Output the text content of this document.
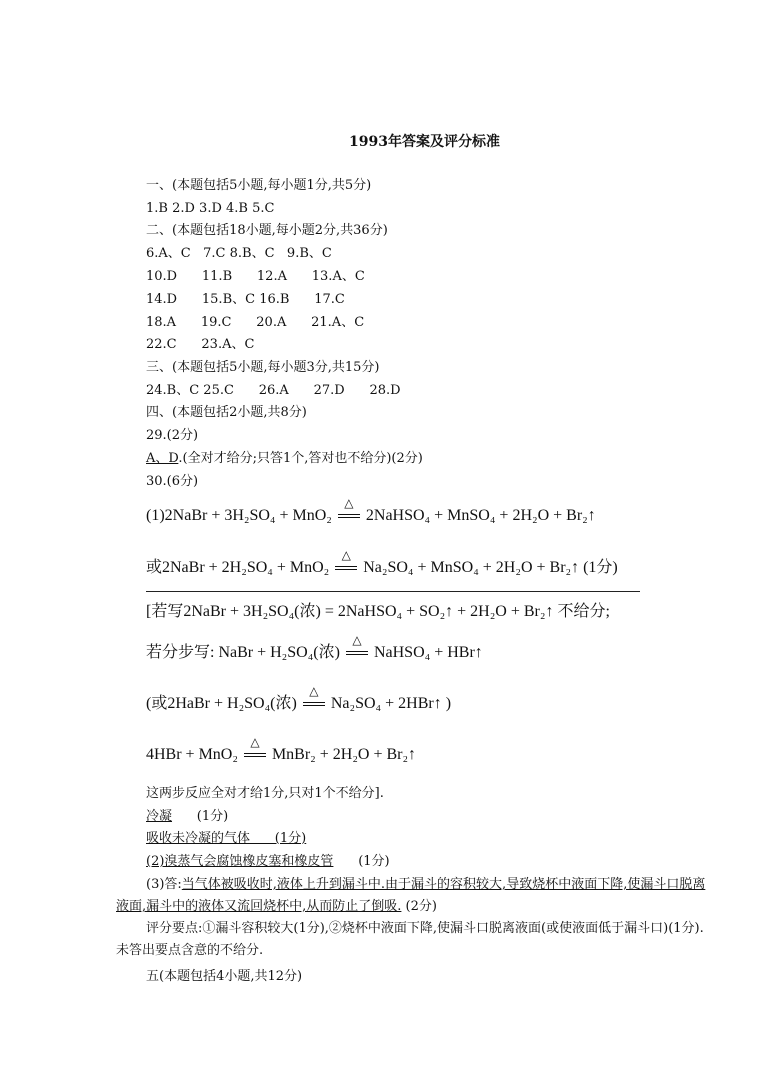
1993年答案及评分标准
一、(本题包括5小题,每小题1分,共5分)
1.B 2.D 3.D 4.B 5.C
二、(本题包括18小题,每小题2分,共36分)
6.A、C   7.C 8.B、C   9.B、C
10.D      11.B      12.A      13.A、C
14.D      15.B、C 16.B      17.C
18.A      19.C      20.A      21.A、C
22.C      23.A、C
三、(本题包括5小题,每小题3分,共15分)
24.B、C 25.C      26.A      27.D      28.D
四、(本题包括2小题,共8分)
29.(2分)
A、D.(全对才给分;只答1个,答对也不给分)(2分)
30.(6分)
(1)2NaBr + 3H₂SO₄ + MnO₂
△
2NaHSO₄ + MnSO₄ + 2H₂O + Br₂↑
或2NaBr + 2H₂SO₄ + MnO₂
△
Na₂SO₄ + MnSO₄ + 2H₂O + Br₂↑ (1分)
[若写2NaBr + 3H₂SO₄(浓) = 2NaHSO₄ + SO₂↑ + 2H₂O + Br₂↑ 不给分;
若分步写: NaBr + H₂SO₄(浓)
△
NaHSO₄ + HBr↑
(或2HaBr + H₂SO₄(浓)
△
Na₂SO₄ + 2HBr↑ )
4HBr + MnO₂
△
MnBr₂ + 2H₂O + Br₂↑
这两步反应全对才给1分,只对1个不给分].
冷凝      (1分)
吸收未冷凝的气体      (1分)
(2)溴蒸气会腐蚀橡皮塞和橡皮管      (1分)
(3)答:当气体被吸收时,液体上升到漏斗中.由于漏斗的容积较大,导致烧杯中液面下降,使漏斗口脱离液面,漏斗中的液体又流回烧杯中,从而防止了倒吸. (2分)
评分要点:①漏斗容积较大(1分),②烧杯中液面下降,使漏斗口脱离液面(或使液面低于漏斗口)(1分).未答出要点含意的不给分.
五(本题包括4小题,共12分)
